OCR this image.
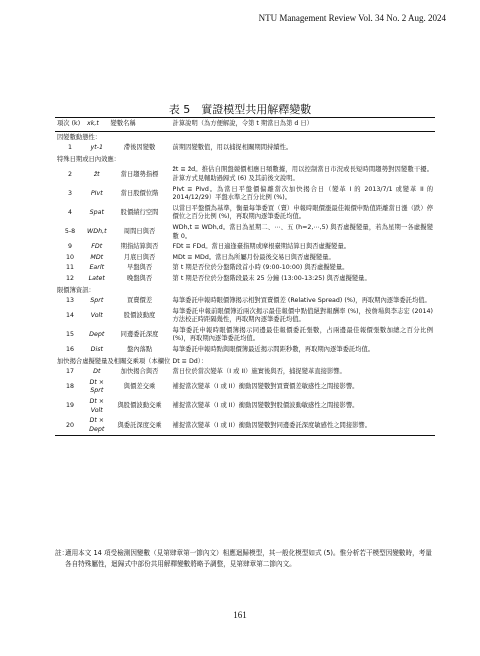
NTU Management Review Vol. 34 No. 2 Aug. 2024
表 5　實證模型共用解釋變數
項次 (k)	xk,t	變數名稱	計算說明（為方便解說，令第 t 期當日為第 d 日）
因變數動態性：			
1	yt-1	滯後因變數	前期因變數值，用以捕捉相關期間持續性。
特殊日期或日內效應：			
2	žt	當日趨勢指標	žt ≡ žd。推估自開盤競價相應日頻數據，用以控制當日市況或長短時間趨勢對因變數干擾。計算方式見輔助過歸式 (6) 及其前後文說明。
3	PIvt	當日股價位階	PIvt ≡ PIvd。為當日平盤價偏離當次加快揭合日（變革 I 的 2013/7/1 或變革 II 的 2014/12/29）平盤水準之百分比例 (%)。
4	Spat	股價績行空間	以當日平盤價為基準，衡量每筆委買（賣）申報時眼價漲最佳報價申點值距離當日漲（跌）停價位之百分比例 (%)，再取期內逐筆委託均值。
5-8	WDh,t	周間日與否	WDh,t ≡ WDh,d。當日為星期二、⋯、五 (h=2,⋯,5) 與否虛擬變量，若為星期一各虛擬變數 0。
9	FDt	期指結算與否	FDt ≡ FDd。當日適逢臺指期或摩根臺期結算日與否虛擬變量。
10	MDt	月底日與否	MDt ≡ MDd。當日為所屬月份最後交易日與否虛擬變量。
11	Earlt	早盤與否	第 t 期是否位於分盤階段首小時 (9:00-10:00) 與否虛擬變量。
12	Latet	晚盤與否	第 t 期是否位於分盤階段最末 25 分鐘 (13:00-13:25) 與否虛擬變量。
限價簿資訊：			
13	Sprt	買賣價差	每筆委託申報時眼價簿揭示相對買賣價差 (Relative Spread) (%)，再取期內逐筆委託均值。
14	Volt	股價波動度	每筆委託申報前眼價簿近兩次揭示最佳報價中點值絕對報酬率 (%)，按詹場與李志宏 (2014) 方法校正時距隔幾性，再取期內逐筆委託均值。
15	Dept	同邊委託深度	每筆委託申報時眼價簿揭示同邊最佳報價委託張數，占兩邊最佳報價張數加總之百分比例 (%)，再取期內逐筆委託均值。
16	Dist	盤內落點	每筆委託申報時點與眼價簿最近揭示間距秒數，再取期內逐筆委託均值。
加快揭合虛擬變量及相關交乘項（本欄位 Dt ≡ Dd）：			
17	Dt	加快揭合與否	當日位於當次變革（I 或 II）施實後與否，捕捉變革直接影響。
18	Dt × Sprt	與價差交乘	補捉當次變革（I 或 II）衝動因變數對買賣價差敏感性之間接影響。
19	Dt × Volt	與股價波動交乘	補捉當次變革（I 或 II）衝動因變數對股價波動敏感性之間接影響。
20	Dt × Dept	與委託深度交乘	補捉當次變革（I 或 II）衝動因變數對同邊委託深度敏感性之間接影響。
註：
適用本文 14 項受檢測因變數（見第肆章第一節內文）相應迴歸模型，其一般化模型如式 (5)。惟分析若干模型因變數時，考量各自特殊屬性，迴歸式中部份共用解釋變數將略予調整，見第肆章第二節內文。
161
